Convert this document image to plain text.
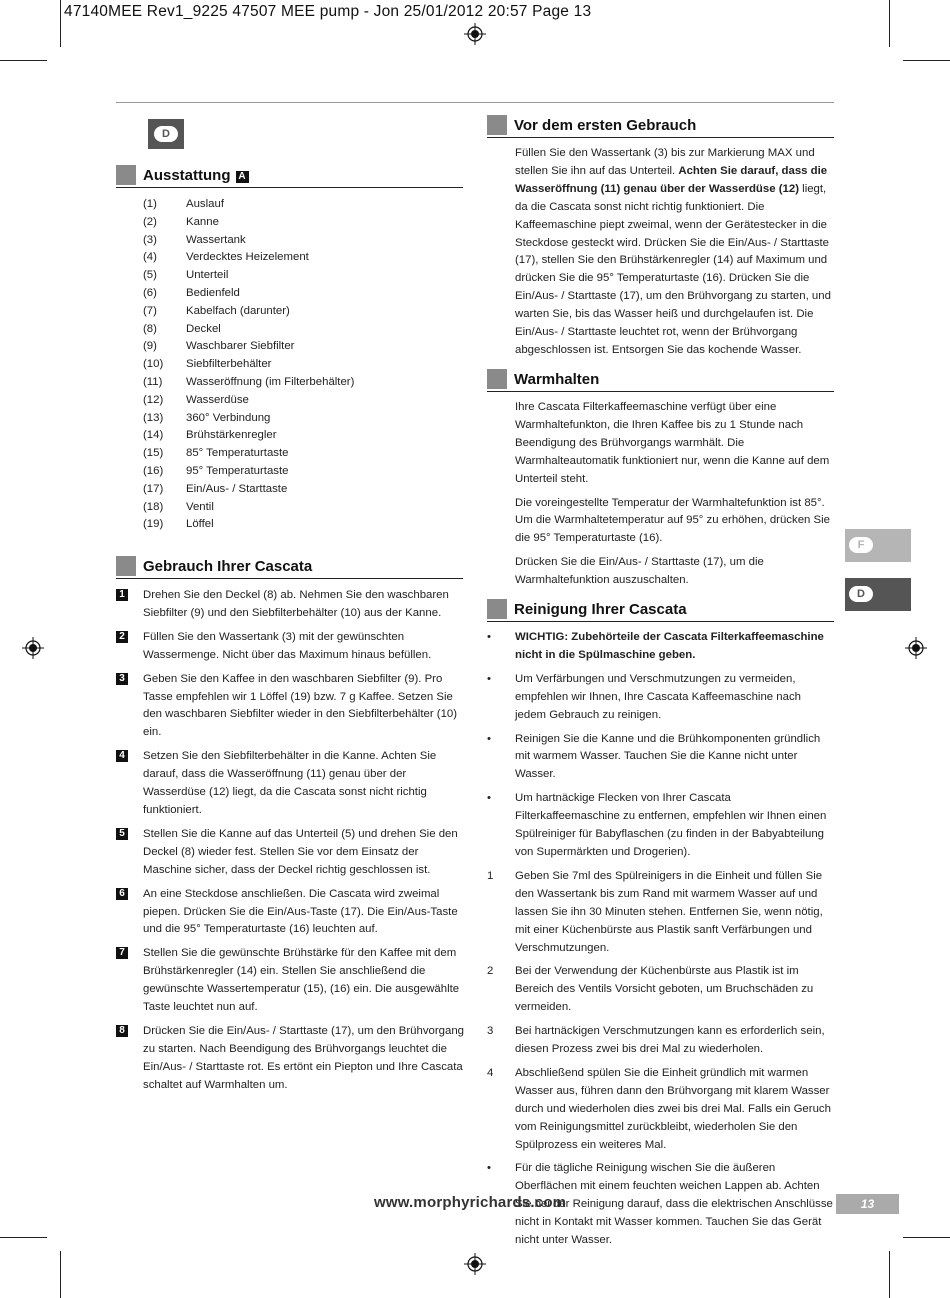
47140MEE Rev1_9225 47507 MEE pump - Jon 25/01/2012 20:57 Page 13
D
Ausstattung A
(1)	Auslauf
(2)	Kanne
(3)	Wassertank
(4)	Verdecktes Heizelement
(5)	Unterteil
(6)	Bedienfeld
(7)	Kabelfach (darunter)
(8)	Deckel
(9)	Waschbarer Siebfilter
(10)	Siebfilterbehälter
(11)	Wasseröffnung (im Filterbehälter)
(12)	Wasserdüse
(13)	360° Verbindung
(14)	Brühstärkenregler
(15)	85° Temperaturtaste
(16)	95° Temperaturtaste
(17)	Ein/Aus- / Starttaste
(18)	Ventil
(19)	Löffel
Gebrauch Ihrer Cascata
1 Drehen Sie den Deckel (8) ab. Nehmen Sie den waschbaren Siebfilter (9) und den Siebfilterbehälter (10) aus der Kanne.
2 Füllen Sie den Wassertank (3) mit der gewünschten Wassermenge. Nicht über das Maximum hinaus befüllen.
3 Geben Sie den Kaffee in den waschbaren Siebfilter (9). Pro Tasse empfehlen wir 1 Löffel (19) bzw. 7 g Kaffee. Setzen Sie den waschbaren Siebfilter wieder in den Siebfilterbehälter (10) ein.
4 Setzen Sie den Siebfilterbehälter in die Kanne. Achten Sie darauf, dass die Wasseröffnung (11) genau über der Wasserdüse (12) liegt, da die Cascata sonst nicht richtig funktioniert.
5 Stellen Sie die Kanne auf das Unterteil (5) und drehen Sie den Deckel (8) wieder fest. Stellen Sie vor dem Einsatz der Maschine sicher, dass der Deckel richtig geschlossen ist.
6 An eine Steckdose anschließen. Die Cascata wird zweimal piepen. Drücken Sie die Ein/Aus-Taste (17). Die Ein/Aus-Taste und die 95° Temperaturtaste (16) leuchten auf.
7 Stellen Sie die gewünschte Brühstärke für den Kaffee mit dem Brühstärkenregler (14) ein. Stellen Sie anschließend die gewünschte Wassertemperatur (15), (16) ein. Die ausgewählte Taste leuchtet nun auf.
8 Drücken Sie die Ein/Aus- / Starttaste (17), um den Brühvorgang zu starten. Nach Beendigung des Brühvorgangs leuchtet die Ein/Aus- / Starttaste rot. Es ertönt ein Piepton und Ihre Cascata schaltet auf Warmhalten um.
Vor dem ersten Gebrauch

Füllen Sie den Wassertank (3) bis zur Markierung MAX und stellen Sie ihn auf das Unterteil. Achten Sie darauf, dass die Wasseröffnung (11) genau über der Wasserdüse (12) liegt, da die Cascata sonst nicht richtig funktioniert. Die Kaffeemaschine piept zweimal, wenn der Gerätestecker in die Steckdose gesteckt wird. Drücken Sie die Ein/Aus- / Starttaste (17), stellen Sie den Brühstärkenregler (14) auf Maximum und drücken Sie die 95° Temperaturtaste (16). Drücken Sie die Ein/Aus- / Starttaste (17), um den Brühvorgang zu starten, und warten Sie, bis das Wasser heiß und durchgelaufen ist. Die Ein/Aus- / Starttaste leuchtet rot, wenn der Brühvorgang abgeschlossen ist. Entsorgen Sie das kochende Wasser.

Warmhalten

Ihre Cascata Filterkaffeemaschine verfügt über eine Warmhaltefunkton, die Ihren Kaffee bis zu 1 Stunde nach Beendigung des Brühvorgangs warmhält. Die Warmhalteautomatik funktioniert nur, wenn die Kanne auf dem Unterteil steht.

Die voreingestellte Temperatur der Warmhaltefunktion ist 85°. Um die Warmhaltetemperatur auf 95° zu erhöhen, drücken Sie die 95° Temperaturtaste (16).

Drücken Sie die Ein/Aus- / Starttaste (17), um die Warmhaltefunktion auszuschalten.

Reinigung Ihrer Cascata
• WICHTIG: Zubehörteile der Cascata Filterkaffeemaschine nicht in die Spülmaschine geben.
• Um Verfärbungen und Verschmutzungen zu vermeiden, empfehlen wir Ihnen, Ihre Cascata Kaffeemaschine nach jedem Gebrauch zu reinigen.
• Reinigen Sie die Kanne und die Brühkomponenten gründlich mit warmem Wasser. Tauchen Sie die Kanne nicht unter Wasser.
• Um hartnäckige Flecken von Ihrer Cascata Filterkaffeemaschine zu entfernen, empfehlen wir Ihnen einen Spülreiniger für Babyflaschen (zu finden in der Babyabteilung von Supermärkten und Drogerien).
1 Geben Sie 7ml des Spülreinigers in die Einheit und füllen Sie den Wassertank bis zum Rand mit warmem Wasser auf und lassen Sie ihn 30 Minuten stehen. Entfernen Sie, wenn nötig, mit einer Küchenbürste aus Plastik sanft Verfärbungen und Verschmutzungen.
2 Bei der Verwendung der Küchenbürste aus Plastik ist im Bereich des Ventils Vorsicht geboten, um Bruchschäden zu vermeiden.
3 Bei hartnäckigen Verschmutzungen kann es erforderlich sein, diesen Prozess zwei bis drei Mal zu wiederholen.
4 Abschließend spülen Sie die Einheit gründlich mit warmen Wasser aus, führen dann den Brühvorgang mit klarem Wasser durch und wiederholen dies zwei bis drei Mal. Falls ein Geruch vom Reinigungsmittel zurückbleibt, wiederholen Sie den Spülprozess ein weiteres Mal.
• Für die tägliche Reinigung wischen Sie die äußeren Oberflächen mit einem feuchten weichen Lappen ab. Achten Sie bei der Reinigung darauf, dass die elektrischen Anschlüsse nicht in Kontakt mit Wasser kommen. Tauchen Sie das Gerät nicht unter Wasser.
F
D
www.morphyrichards.com	13
